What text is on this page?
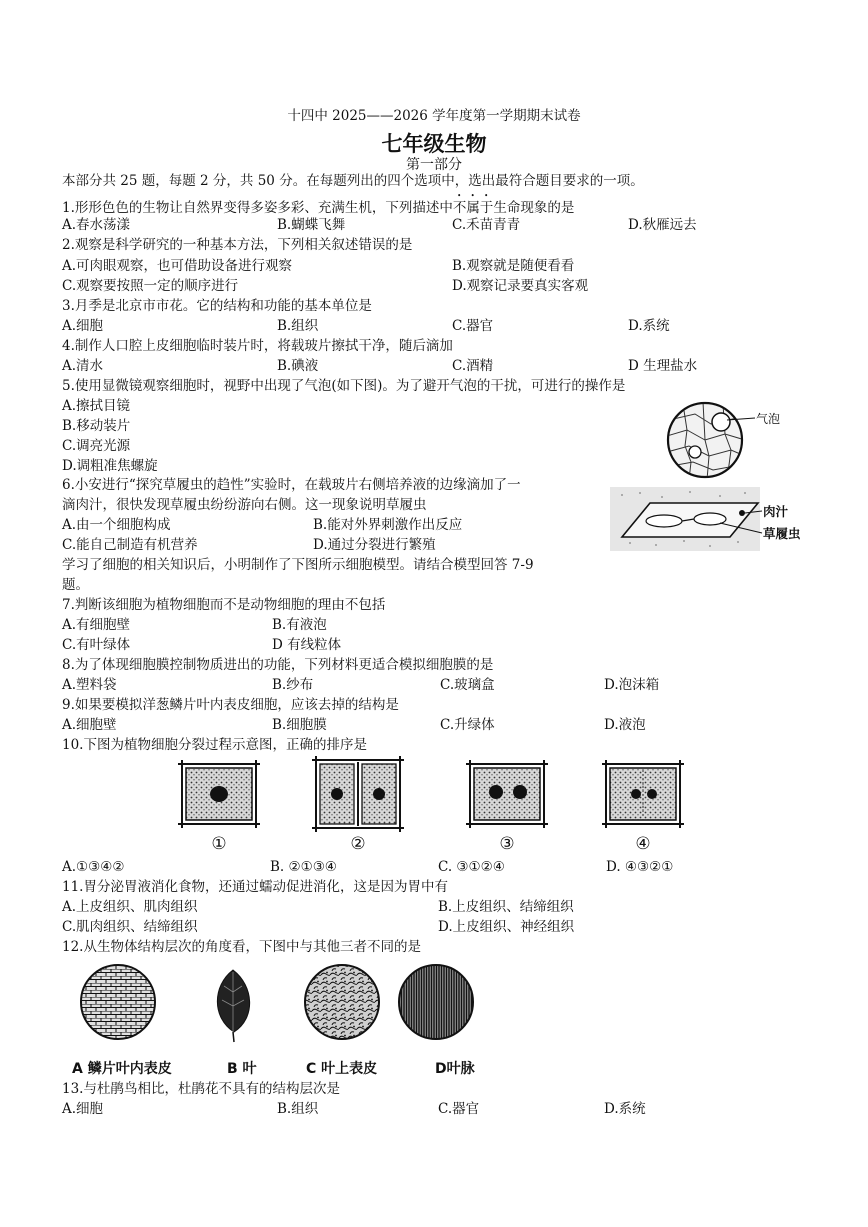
十四中 2025——2026 学年度第一学期期末试卷
七年级生物
第一部分
本部分共 25 题，每题 2 分，共 50 分。在每题列出的四个选项中，选出最符合题目要求的一项。
1.形形色色的生物让自然界变得多姿多彩、充满生机，下列描述中不属于生命现象的是
A.春水荡漾	B.蝴蝶飞舞	C.禾苗青青	D.秋雁远去
2.观察是科学研究的一种基本方法，下列相关叙述错误的是
A.可肉眼观察，也可借助设备进行观察	B.观察就是随便看看
C.观察要按照一定的顺序进行	D.观察记录要真实客观
3.月季是北京市市花。它的结构和功能的基本单位是
A.细胞	B.组织	C.器官	D.系统
4.制作人口腔上皮细胞临时装片时，将载玻片擦拭干净，随后滴加
A.清水	B.碘液	C.酒精	D 生理盐水
5.使用显微镜观察细胞时，视野中出现了气泡(如下图)。为了避开气泡的干扰，可进行的操作是
A.擦拭目镜
B.移动装片
C.调亮光源
D.调粗准焦螺旋
气泡
6.小安进行“探究草履虫的趋性”实验时，在载玻片右侧培养液的边缘滴加了一
滴肉汁，很快发现草履虫纷纷游向右侧。这一现象说明草履虫
A.由一个细胞构成	B.能对外界刺激作出反应
C.能自己制造有机营养	D.通过分裂进行繁殖
肉汁
草履虫
学习了细胞的相关知识后，小明制作了下图所示细胞模型。请结合模型回答 7-9
题。
7.判断该细胞为植物细胞而不是动物细胞的理由不包括
A.有细胞壁	B.有液泡
C.有叶绿体	D 有线粒体
8.为了体现细胞膜控制物质进出的功能，下列材料更适合模拟细胞膜的是
A.塑料袋	B.纱布	C.玻璃盒	D.泡沫箱
9.如果要模拟洋葱鳞片叶内表皮细胞，应该去掉的结构是
A.细胞壁	B.细胞膜	C.升绿体	D.液泡
10.下图为植物细胞分裂过程示意图，正确的排序是
①	②	③	④
A.①③④②	B. ②①③④	C. ③①②④	D. ④③②①
11.胃分泌胃液消化食物，还通过蠕动促进消化，这是因为胃中有
A.上皮组织、肌肉组织	B.上皮组织、结缔组织
C.肌肉组织、结缔组织	D.上皮组织、神经组织
12.从生物体结构层次的角度看，下图中与其他三者不同的是
A 鳞片叶内表皮	B 叶	C 叶上表皮	D叶脉
13.与杜鹃鸟相比，杜鹃花不具有的结构层次是
A.细胞	B.组织	C.器官	D.系统
